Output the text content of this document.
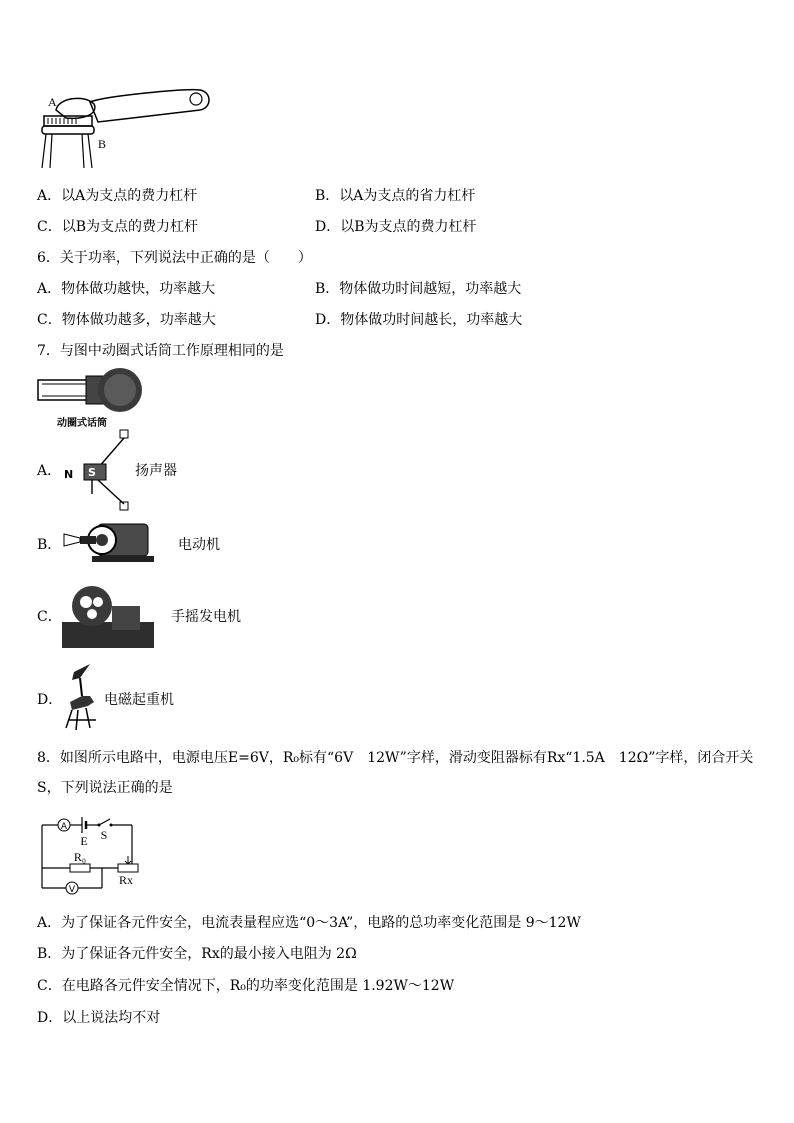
A
B
A．以A为支点的费力杠杆	B．以A为支点的省力杠杆
C．以B为支点的费力杠杆	D．以B为支点的费力杠杆
6．关于功率，下列说法中正确的是（　　）
A．物体做功越快，功率越大	B．物体做功时间越短，功率越大
C．物体做功越多，功率越大	D．物体做功时间越长，功率越大
7．与图中动圈式话筒工作原理相同的是
动圈式话筒
A． N S	扬声器
B．	电动机
C．	手摇发电机
D．	电磁起重机
8．如图所示电路中，电源电压E=6V，R₀标有“6V　12W”字样，滑动变阻器标有Rx“1.5A　12Ω”字样，闭合开关
S，下列说法正确的是
A
E S
R₀
Rx
V
A．为了保证各元件安全，电流表量程应选“0～3A”，电路的总功率变化范围是 9～12W
B．为了保证各元件安全，Rx的最小接入电阻为 2Ω
C．在电路各元件安全情况下，R₀的功率变化范围是 1.92W～12W
D．以上说法均不对
